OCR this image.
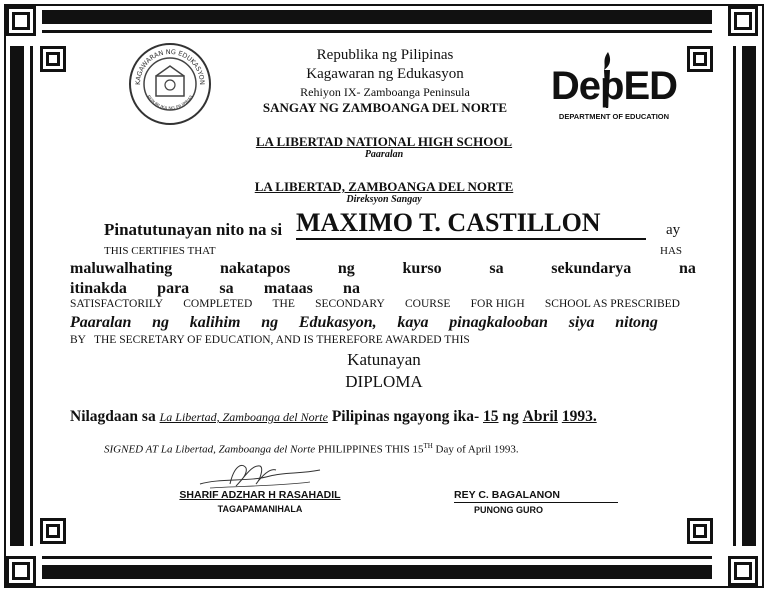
KAGAWARAN NG EDUKASYON
REPUBLIKA NG PILIPINAS	DepED
DEPARTMENT OF EDUCATION
Republika ng Pilipinas
Kagawaran ng Edukasyon
Rehiyon IX- Zamboanga Peninsula
SANGAY NG ZAMBOANGA DEL NORTE
LA LIBERTAD NATIONAL HIGH SCHOOL
Paaralan
LA LIBERTAD, ZAMBOANGA DEL NORTE
Direksyon Sangay
Pinatutunayan nito na si MAXIMO T. CASTILLON	ay
THIS CERTIFIES THAT	HAS
maluwalhating	nakatapos	ng	kurso	sa	sekundarya	na
itinakda para sa mataas na
SATISFACTORILY COMPLETED THE SECONDARY COURSE FOR HIGH SCHOOL AS PRESCRIBED
Paaralan ng kalihim ng Edukasyon, kaya pinagkalooban siya nitong
BY   THE SECRETARY OF EDUCATION, AND IS THEREFORE AWARDED THIS
Katunayan
DIPLOMA
Nilagdaan sa La Libertad, Zamboanga del Norte Pilipinas ngayong ika- 15 ng Abril 1993.
SIGNED AT La Libertad, Zamboanga del Norte PHILIPPINES THIS 15TH Day of April 1993.
SHARIF ADZHAR H RASAHADIL
TAGAPAMANIHALA
REY C. BAGALANON
PUNONG GURO
